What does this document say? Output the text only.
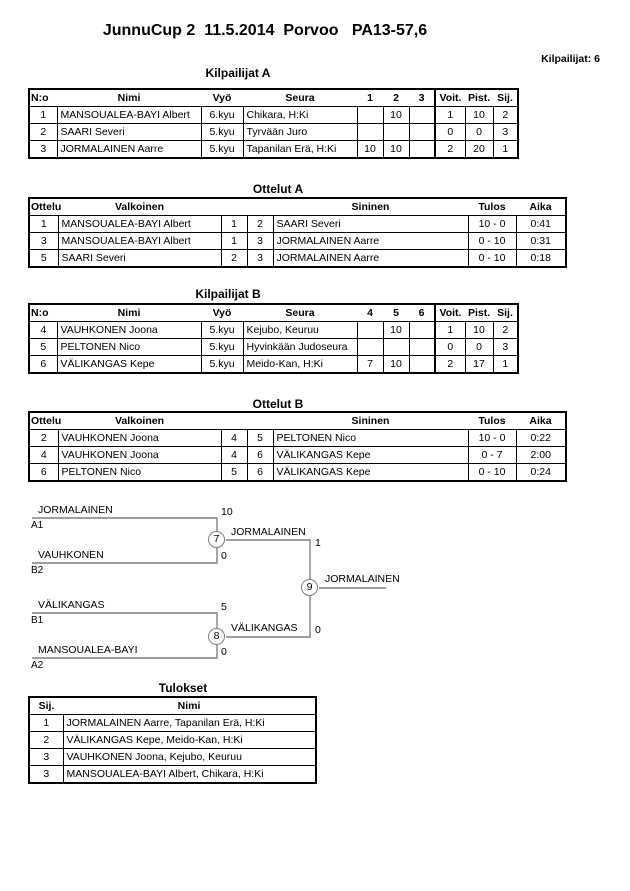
JunnuCup 2  11.5.2014  Porvoo   PA13-57,6
Kilpailijat: 6
Kilpailijat A
N:o	Nimi	Vyö	Seura	1	2	3	Voit.	Pist.	Sij.
1	MANSOUALEA-BAYI Albert	6.kyu	Chikara, H:Ki		10		1	10	2
2	SAARI Severi	5.kyu	Tyrvään Juro				0	0	3
3	JORMALAINEN Aarre	5.kyu	Tapanilan Erä, H:Ki	10	10		2	20	1
Ottelut A
Ottelu	Valkoinen			Sininen	Tulos	Aika
1	MANSOUALEA-BAYI Albert	1	2	SAARI Severi	10 - 0	0:41
3	MANSOUALEA-BAYI Albert	1	3	JORMALAINEN Aarre	0 - 10	0:31
5	SAARI Severi	2	3	JORMALAINEN Aarre	0 - 10	0:18
Kilpailijat B
N:o	Nimi	Vyö	Seura	4	5	6	Voit.	Pist.	Sij.
4	VAUHKONEN Joona	5.kyu	Kejubo, Keuruu		10		1	10	2
5	PELTONEN Nico	5.kyu	Hyvinkään Judoseura				0	0	3
6	VÄLIKANGAS Kepe	5.kyu	Meido-Kan, H:Ki	7	10		2	17	1
Ottelut B
Ottelu	Valkoinen			Sininen	Tulos	Aika
2	VAUHKONEN Joona	4	5	PELTONEN Nico	10 - 0	0:22
4	VAUHKONEN Joona	4	6	VÄLIKANGAS Kepe	0 - 7	2:00
6	PELTONEN Nico	5	6	VÄLIKANGAS Kepe	0 - 10	0:24
JORMALAINEN
A1
10
VAUHKONEN
B2
0
7
JORMALAINEN
1
VÄLIKANGAS
B1
5
MANSOUALEA-BAYI
A2
0
8
VÄLIKANGAS 0
9
JORMALAINEN
Tulokset
Sij.	Nimi
1	JORMALAINEN Aarre, Tapanilan Erä, H:Ki
2	VÄLIKANGAS Kepe, Meido-Kan, H:Ki
3	VAUHKONEN Joona, Kejubo, Keuruu
3	MANSOUALEA-BAYI Albert, Chikara, H:Ki
